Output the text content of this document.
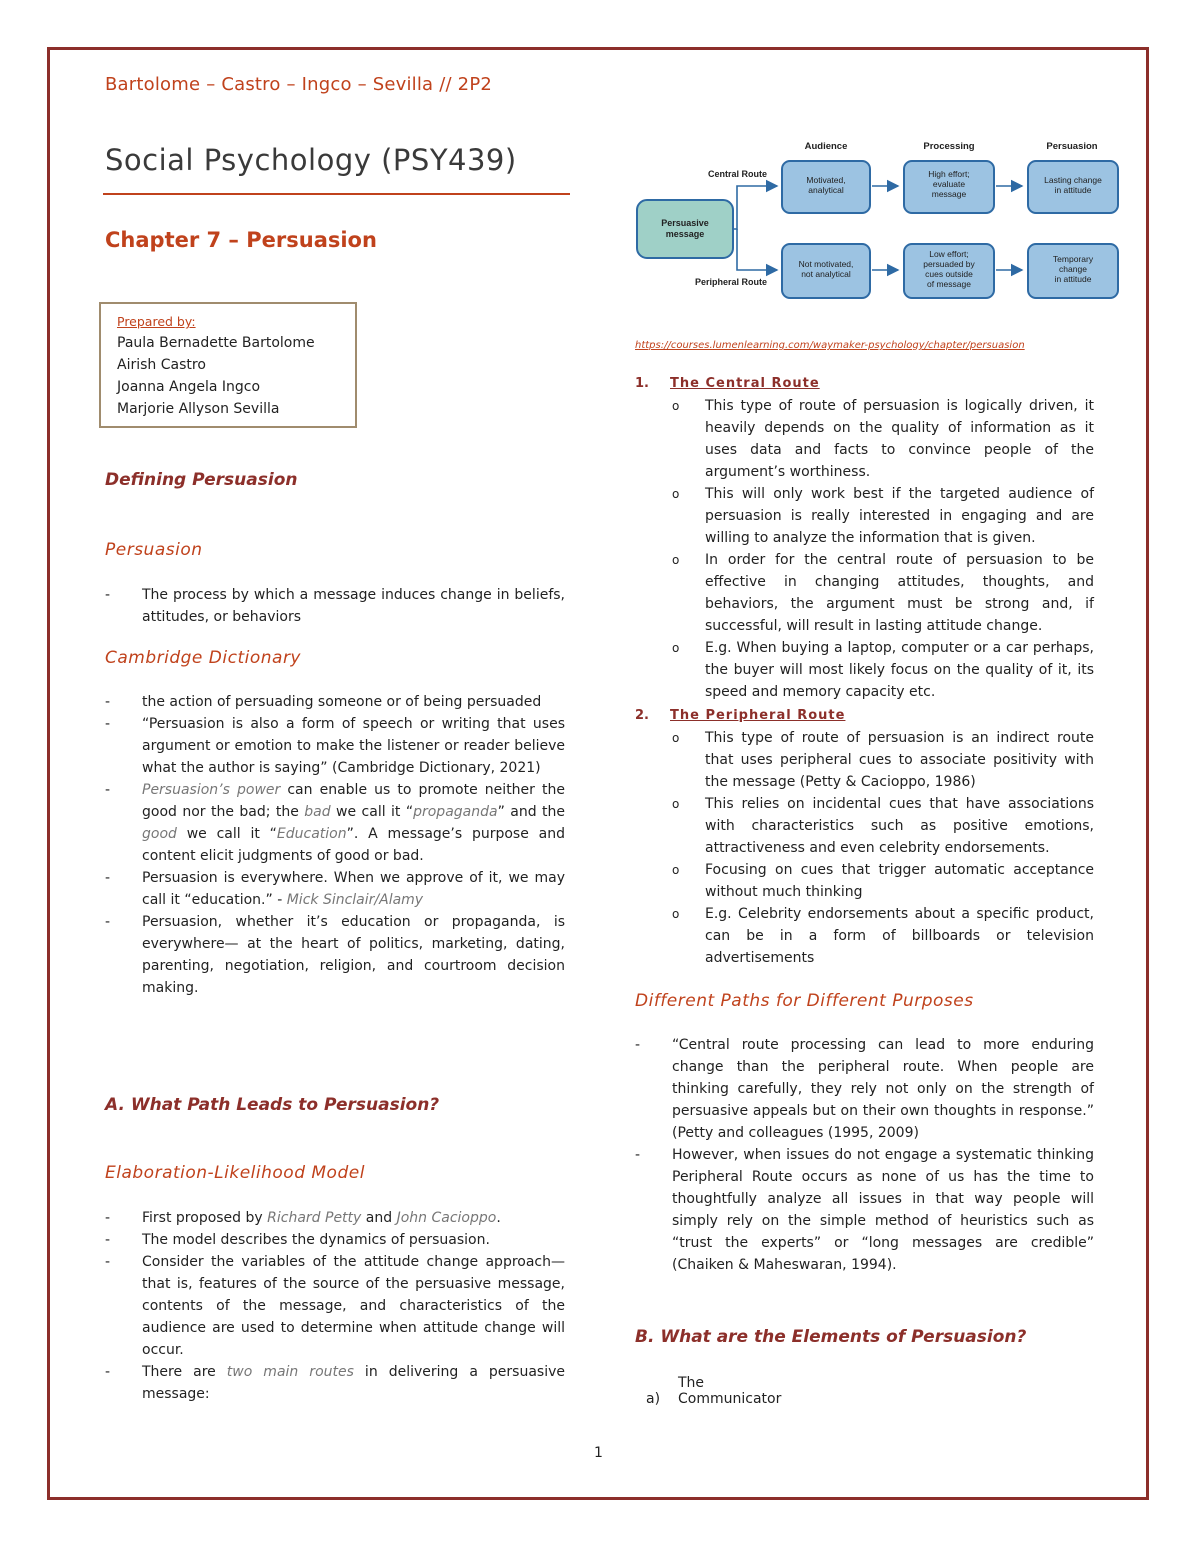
Bartolome – Castro – Ingco – Sevilla // 2P2
Social Psychology (PSY439)
Chapter 7 – Persuasion
Prepared by:
Paula Bernadette Bartolome
Airish Castro
Joanna Angela Ingco
Marjorie Allyson Sevilla
Defining Persuasion
Persuasion
- The process by which a message induces change in beliefs, attitudes, or behaviors
Cambridge Dictionary
- the action of persuading someone or of being persuaded
- “Persuasion is also a form of speech or writing that uses argument or emotion to make the listener or reader believe what the author is saying” (Cambridge Dictionary, 2021)
- Persuasion’s power can enable us to promote neither the good nor the bad; the bad we call it “propaganda” and the good we call it “Education”. A message’s purpose and content elicit judgments of good or bad.
- Persuasion is everywhere. When we approve of it, we may call it “education.” - Mick Sinclair/Alamy
- Persuasion, whether it’s education or propaganda, is everywhere— at the heart of politics, marketing, dating, parenting, negotiation, religion, and courtroom decision making.
A. What Path Leads to Persuasion?
Elaboration-Likelihood Model
- First proposed by Richard Petty and John Cacioppo.
- The model describes the dynamics of persuasion.
- Consider the variables of the attitude change approach—that is, features of the source of the persuasive message, contents of the message, and characteristics of the audience are used to determine when attitude change will occur.
- There are two main routes in delivering a persuasive message:
Audience	Processing	Persuasion
Central Route
Peripheral Route
Persuasive
message
Motivated,
analytical
High effort;
evaluate
message
Lasting change
in attitude
Not motivated,
not analytical
Low effort;
persuaded by
cues outside
of message
Temporary
change
in attitude
https://courses.lumenlearning.com/waymaker-psychology/chapter/persuasion
1. The Central Route
o This type of route of persuasion is logically driven, it heavily depends on the quality of information as it uses data and facts to convince people of the argument’s worthiness.
o This will only work best if the targeted audience of persuasion is really interested in engaging and are willing to analyze the information that is given.
o In order for the central route of persuasion to be effective in changing attitudes, thoughts, and behaviors, the argument must be strong and, if successful, will result in lasting attitude change.
o E.g. When buying a laptop, computer or a car perhaps, the buyer will most likely focus on the quality of it, its speed and memory capacity etc.
2. The Peripheral Route
o This type of route of persuasion is an indirect route that uses peripheral cues to associate positivity with the message (Petty & Cacioppo, 1986)
o This relies on incidental cues that have associations with characteristics such as positive emotions, attractiveness and even celebrity endorsements.
o Focusing on cues that trigger automatic acceptance without much thinking
o E.g. Celebrity endorsements about a specific product, can be in a form of billboards or television advertisements
Different Paths for Different Purposes
- “Central route processing can lead to more enduring change than the peripheral route. When people are thinking carefully, they rely not only on the strength of persuasive appeals but on their own thoughts in response.” (Petty and colleagues (1995, 2009)
- However, when issues do not engage a systematic thinking Peripheral Route occurs as none of us has the time to thoughtfully analyze all issues in that way people will simply rely on the simple method of heuristics such as “trust the experts” or “long messages are credible” (Chaiken & Maheswaran, 1994).
B. What are the Elements of Persuasion?
a)The Communicator
1
